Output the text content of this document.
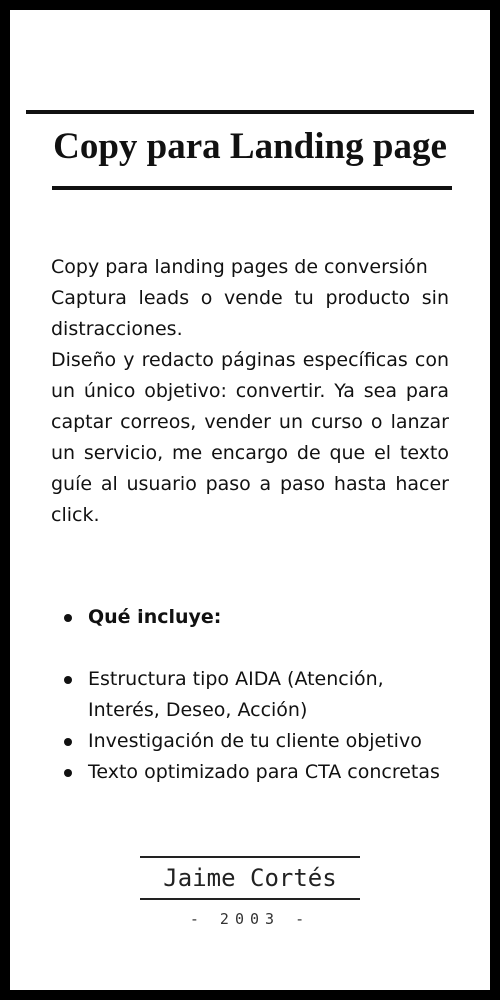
Copy para Landing page

Copy para landing pages de conversión

Captura leads o vende tu producto sin distracciones.

Diseño y redacto páginas específicas con un único objetivo: convertir. Ya sea para captar correos, vender un curso o lanzar un servicio, me encargo de que el texto guíe al usuario paso a paso hasta hacer click.

Qué incluye:
Estructura tipo AIDA (Atención, Interés, Deseo, Acción)
Investigación de tu cliente objetivo
Texto optimizado para CTA concretas
Jaime Cortés
- 2003 -
